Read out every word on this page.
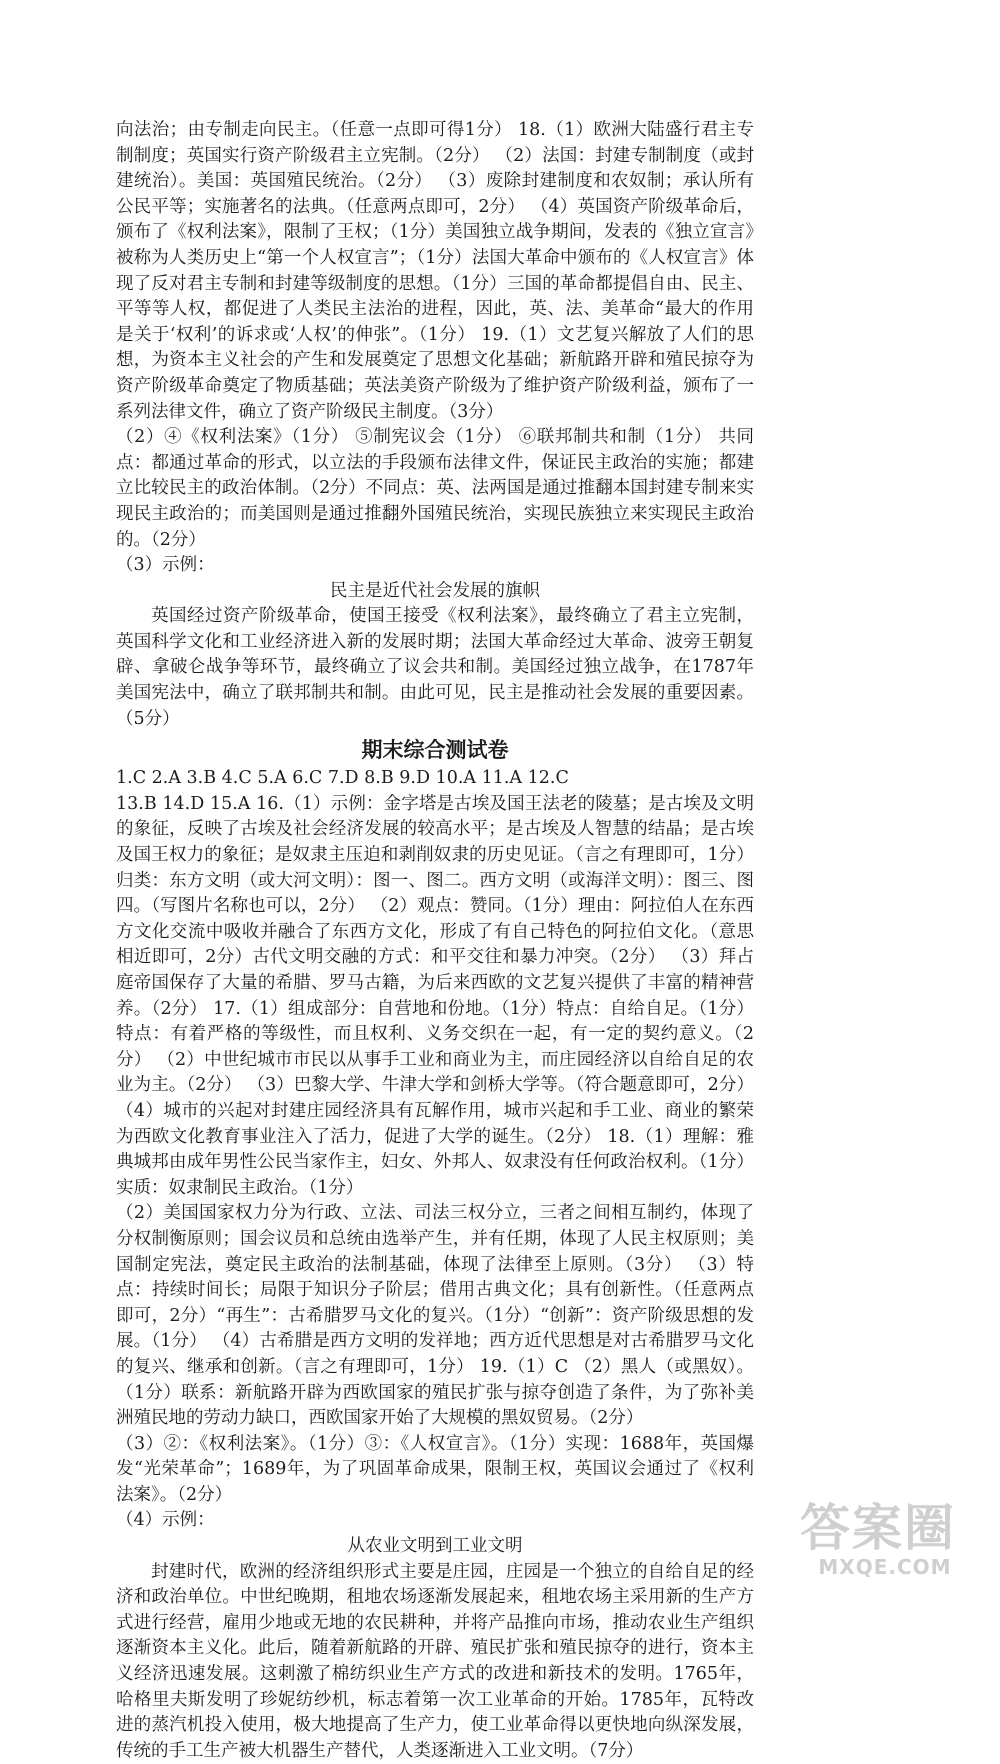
向法治；由专制走向民主。（任意一点即可得1分） 18.（1）欧洲大陆盛行君主专制制度；英国实行资产阶级君主立宪制。（2分） （2）法国：封建专制制度（或封建统治）。美国：英国殖民统治。（2分） （3）废除封建制度和农奴制；承认所有公民平等；实施著名的法典。（任意两点即可，2分） （4）英国资产阶级革命后，颁布了《权利法案》，限制了王权；（1分）美国独立战争期间，发表的《独立宣言》被称为人类历史上“第一个人权宣言”；（1分）法国大革命中颁布的《人权宣言》体现了反对君主专制和封建等级制度的思想。（1分）三国的革命都提倡自由、民主、平等等人权，都促进了人类民主法治的进程，因此，英、法、美革命“最大的作用是关于‘权利’的诉求或‘人权’的伸张”。（1分） 19.（1）文艺复兴解放了人们的思想，为资本主义社会的产生和发展奠定了思想文化基础；新航路开辟和殖民掠夺为资产阶级革命奠定了物质基础；英法美资产阶级为了维护资产阶级利益，颁布了一系列法律文件，确立了资产阶级民主制度。（3分）

（2）④《权利法案》（1分） ⑤制宪议会（1分） ⑥联邦制共和制（1分） 共同点：都通过革命的形式，以立法的手段颁布法律文件，保证民主政治的实施；都建立比较民主的政治体制。（2分）不同点：英、法两国是通过推翻本国封建专制来实现民主政治的；而美国则是通过推翻外国殖民统治，实现民族独立来实现民主政治的。（2分）

（3）示例：

民主是近代社会发展的旗帜

英国经过资产阶级革命，使国王接受《权利法案》，最终确立了君主立宪制，英国科学文化和工业经济进入新的发展时期；法国大革命经过大革命、波旁王朝复辟、拿破仑战争等环节，最终确立了议会共和制。美国经过独立战争，在1787年美国宪法中，确立了联邦制共和制。由此可见，民主是推动社会发展的重要因素。（5分）

期末综合测试卷

1.C 2.A 3.B 4.C 5.A 6.C 7.D 8.B 9.D 10.A 11.A 12.C

13.B 14.D 15.A 16.（1）示例：金字塔是古埃及国王法老的陵墓；是古埃及文明的象征，反映了古埃及社会经济发展的较高水平；是古埃及人智慧的结晶；是古埃及国王权力的象征；是奴隶主压迫和剥削奴隶的历史见证。（言之有理即可，1分）归类：东方文明（或大河文明）：图一、图二。西方文明（或海洋文明）：图三、图四。（写图片名称也可以，2分） （2）观点：赞同。（1分）理由：阿拉伯人在东西方文化交流中吸收并融合了东西方文化，形成了有自己特色的阿拉伯文化。（意思相近即可，2分）古代文明交融的方式：和平交往和暴力冲突。（2分） （3）拜占庭帝国保存了大量的希腊、罗马古籍，为后来西欧的文艺复兴提供了丰富的精神营养。（2分） 17.（1）组成部分：自营地和份地。（1分）特点：自给自足。（1分）特点：有着严格的等级性，而且权利、义务交织在一起，有一定的契约意义。（2分） （2）中世纪城市市民以从事手工业和商业为主，而庄园经济以自给自足的农业为主。（2分） （3）巴黎大学、牛津大学和剑桥大学等。（符合题意即可，2分） （4）城市的兴起对封建庄园经济具有瓦解作用，城市兴起和手工业、商业的繁荣为西欧文化教育事业注入了活力，促进了大学的诞生。（2分） 18.（1）理解：雅典城邦由成年男性公民当家作主，妇女、外邦人、奴隶没有任何政治权利。（1分）实质：奴隶制民主政治。（1分）

（2）美国国家权力分为行政、立法、司法三权分立，三者之间相互制约，体现了分权制衡原则；国会议员和总统由选举产生，并有任期，体现了人民主权原则；美国制定宪法，奠定民主政治的法制基础，体现了法律至上原则。（3分） （3）特点：持续时间长；局限于知识分子阶层；借用古典文化；具有创新性。（任意两点即可，2分）“再生”：古希腊罗马文化的复兴。（1分）“创新”：资产阶级思想的发展。（1分） （4）古希腊是西方文明的发祥地；西方近代思想是对古希腊罗马文化的复兴、继承和创新。（言之有理即可，1分） 19.（1）C （2）黑人（或黑奴）。（1分）联系：新航路开辟为西欧国家的殖民扩张与掠夺创造了条件，为了弥补美洲殖民地的劳动力缺口，西欧国家开始了大规模的黑奴贸易。（2分）

（3）②：《权利法案》。（1分）③：《人权宣言》。（1分）实现：1688年，英国爆发“光荣革命”；1689年，为了巩固革命成果，限制王权，英国议会通过了《权利法案》。（2分）

（4）示例：

从农业文明到工业文明

封建时代，欧洲的经济组织形式主要是庄园，庄园是一个独立的自给自足的经济和政治单位。中世纪晚期，租地农场逐渐发展起来，租地农场主采用新的生产方式进行经营，雇用少地或无地的农民耕种，并将产品推向市场，推动农业生产组织逐渐资本主义化。此后，随着新航路的开辟、殖民扩张和殖民掠夺的进行，资本主义经济迅速发展。这刺激了棉纺织业生产方式的改进和新技术的发明。1765年，哈格里夫斯发明了珍妮纺纱机，标志着第一次工业革命的开始。1785年，瓦特改进的蒸汽机投入使用，极大地提高了生产力，使工业革命得以更快地向纵深发展，传统的手工生产被大机器生产替代，人类逐渐进入工业文明。（7分）

答案圈
MXQE.COM
